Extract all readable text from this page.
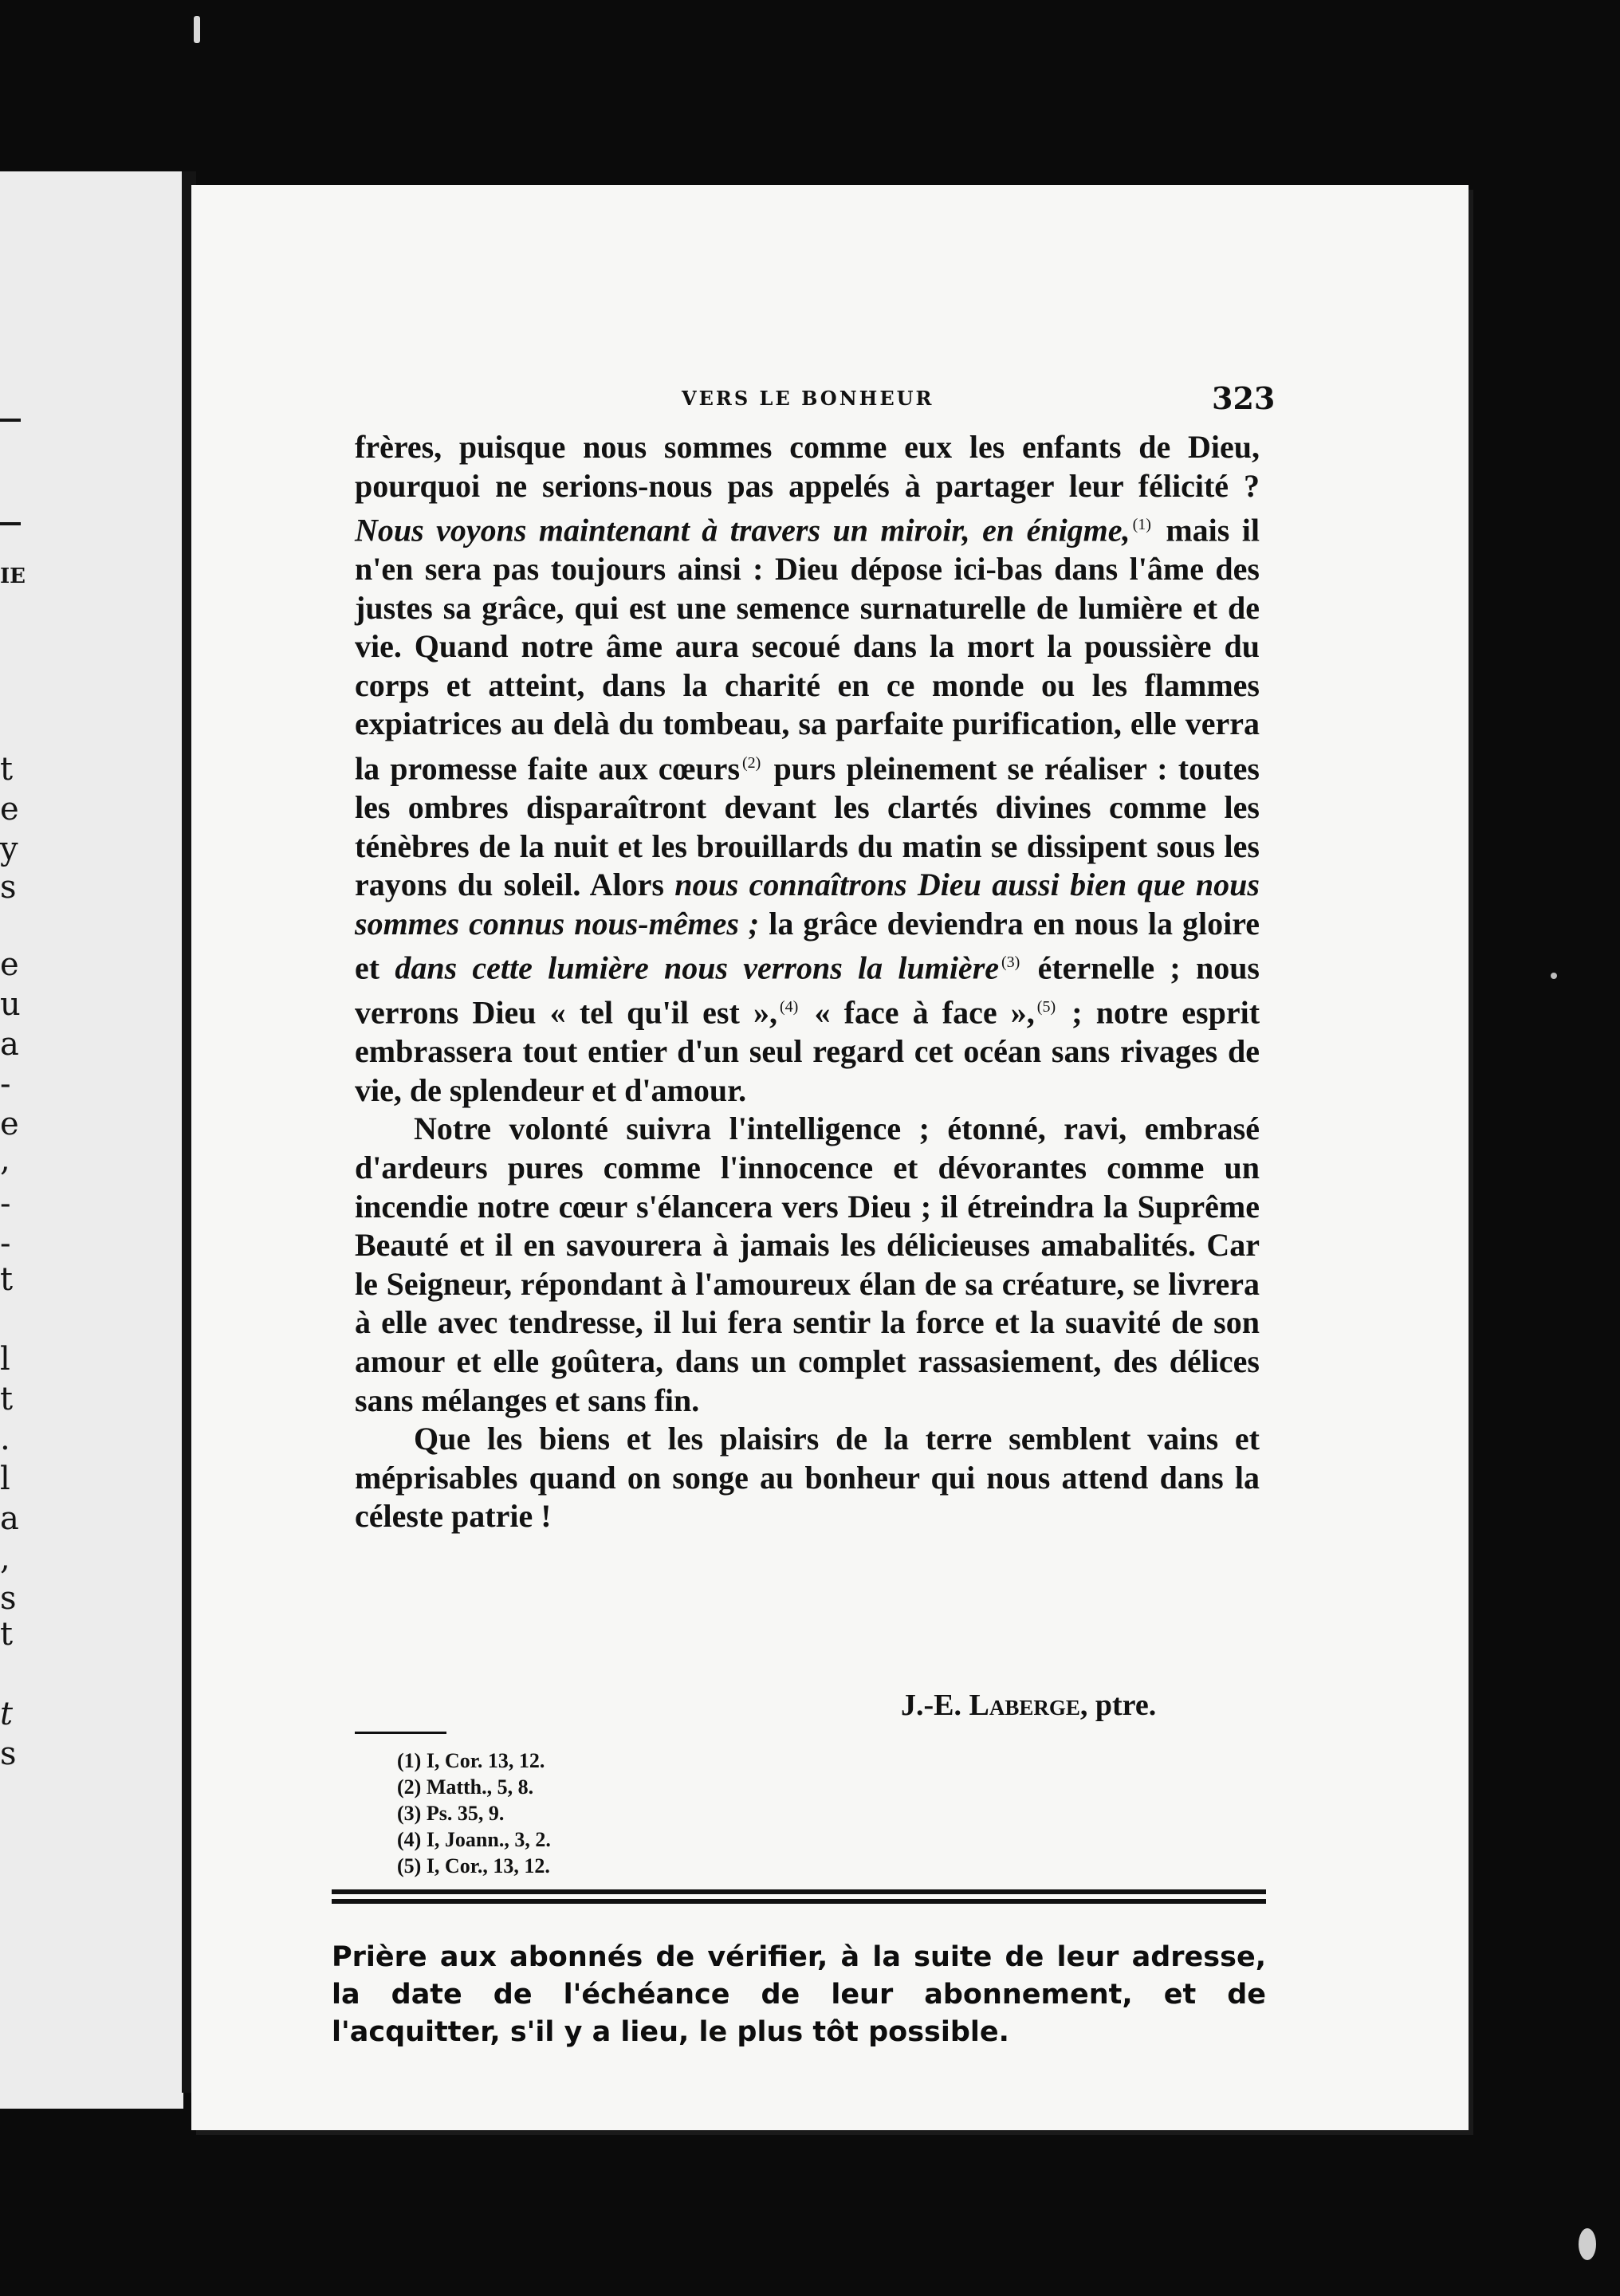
IE
t
e
y
s
e
u
a
-
e
,
-
-
t
l
t
.
l
a
,
s
t
t
s
VERS LE BONHEUR	323

frères, puisque nous sommes comme eux les enfants de Dieu, pourquoi ne serions-nous pas appelés à partager leur félicité ? Nous voyons maintenant à travers un miroir, en énigme, $^{(1)}$ mais il n'en sera pas toujours ainsi : Dieu dépose ici-bas dans l'âme des justes sa grâce, qui est une semence surnaturelle de lumière et de vie. Quand notre âme aura secoué dans la mort la poussière du corps et atteint, dans la charité en ce monde ou les flammes expiatrices au delà du tombeau, sa parfaite purification, elle verra la promesse faite aux cœurs $^{(2)}$ purs pleinement se réaliser : toutes les ombres disparaîtront devant les clartés divines comme les ténèbres de la nuit et les brouillards du matin se dissipent sous les rayons du soleil. Alors nous connaîtrons Dieu aussi bien que nous sommes connus nous-mêmes ; la grâce deviendra en nous la gloire et dans cette lumière nous verrons la lumière $^{(3)}$ éternelle ; nous verrons Dieu « tel qu'il est », $^{(4)}$ « face à face », $^{(5)}$ ; notre esprit embrassera tout entier d'un seul regard cet océan sans rivages de vie, de splendeur et d'amour.

Notre volonté suivra l'intelligence ; étonné, ravi, embrasé d'ardeurs pures comme l'innocence et dévorantes comme un incendie notre cœur s'élancera vers Dieu ; il étreindra la Suprême Beauté et il en savourera à jamais les délicieuses amabalités. Car le Seigneur, répondant à l'amoureux élan de sa créature, se livrera à elle avec tendresse, il lui fera sentir la force et la suavité de son amour et elle goûtera, dans un complet rassasiement, des délices sans mélanges et sans fin.

Que les biens et les plaisirs de la terre semblent vains et méprisables quand on songe au bonheur qui nous attend dans la céleste patrie !

J.-E. Laberge, ptre.
(1) I, Cor. 13, 12.
(2) Matth., 5, 8.
(3) Ps. 35, 9.
(4) I, Joann., 3, 2.
(5) I, Cor., 13, 12.

Prière aux abonnés de vérifier, à la suite de leur adresse, la date de l'échéance de leur abonnement, et de l'acquitter, s'il y a lieu, le plus tôt possible.
